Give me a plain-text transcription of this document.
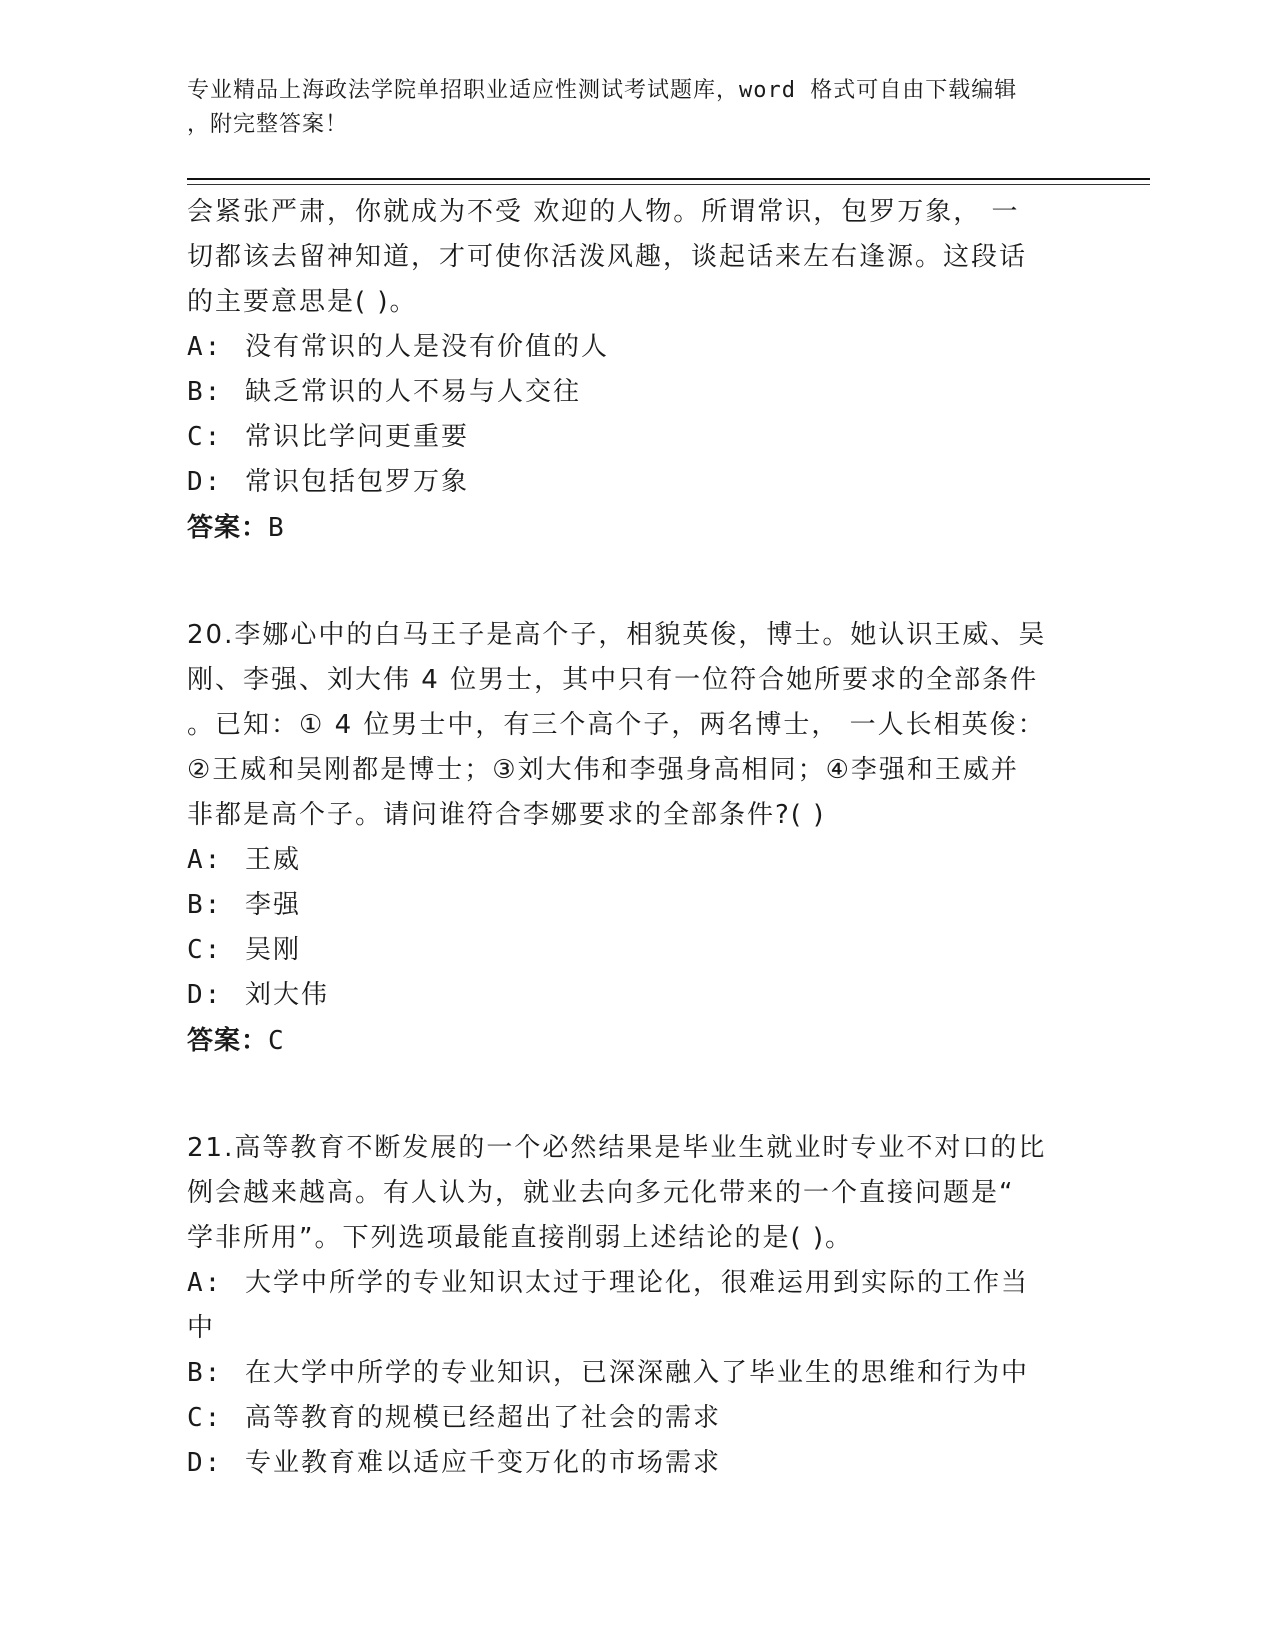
专业精品上海政法学院单招职业适应性测试考试题库，word 格式可自由下载编辑
，附完整答案！
会紧张严肃，你就成为不受 欢迎的人物。所谓常识，包罗万象， 一
切都该去留神知道，才可使你活泼风趣，谈起话来左右逢源。这段话
的主要意思是( )。
A: 没有常识的人是没有价值的人
B: 缺乏常识的人不易与人交往
C: 常识比学问更重要
D: 常识包括包罗万象
答案：B
20.李娜心中的白马王子是高个子，相貌英俊，博士。她认识王威、吴
刚、李强、刘大伟 4 位男士，其中只有一位符合她所要求的全部条件
。已知：① 4 位男士中，有三个高个子，两名博士， 一人长相英俊：
②王威和吴刚都是博士；③刘大伟和李强身高相同；④李强和王威并
非都是高个子。请问谁符合李娜要求的全部条件?( )
A: 王威
B: 李强
C: 吴刚
D: 刘大伟
答案：C
21.高等教育不断发展的一个必然结果是毕业生就业时专业不对口的比
例会越来越高。有人认为，就业去向多元化带来的一个直接问题是“
学非所用”。下列选项最能直接削弱上述结论的是( )。
A: 大学中所学的专业知识太过于理论化，很难运用到实际的工作当
中
B: 在大学中所学的专业知识，已深深融入了毕业生的思维和行为中
C: 高等教育的规模已经超出了社会的需求
D: 专业教育难以适应千变万化的市场需求
